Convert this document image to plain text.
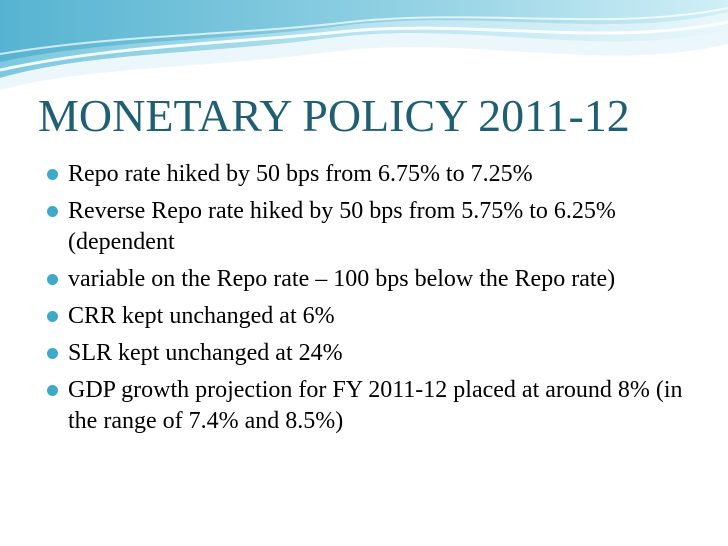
MONETARY POLICY 2011-12
Repo rate hiked by 50 bps from 6.75% to 7.25%
Reverse Repo rate hiked by 50 bps from 5.75% to 6.25% (dependent
variable on the Repo rate – 100 bps below the Repo rate)
CRR kept unchanged at 6%
SLR kept unchanged at 24%
GDP growth projection for FY 2011-12 placed at around 8% (in the range of 7.4% and 8.5%)
